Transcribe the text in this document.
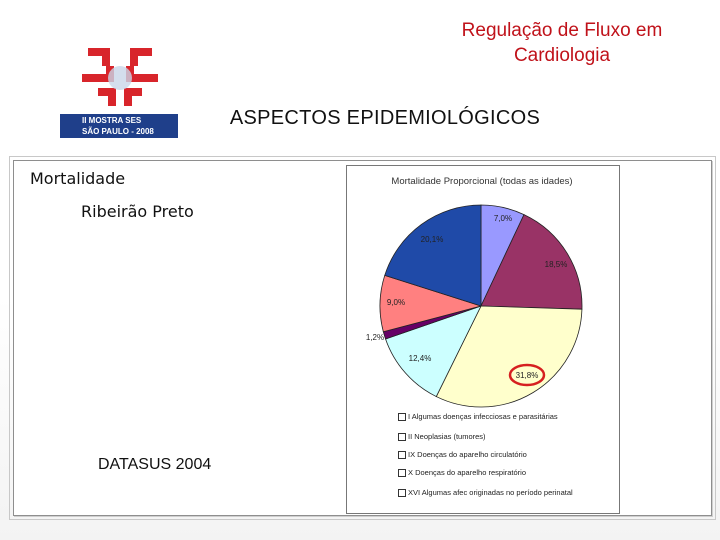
Regulação de Fluxo em
Cardiologia
II MOSTRA SES
SÃO PAULO - 2008
ASPECTOS EPIDEMIOLÓGICOS
Mortalidade
Ribeirão Preto
DATASUS 2004
Mortalidade Proporcional (todas as idades)
7,0%
18,5%
31,8%
12,4%
1,2%
9,0%
20,1%
I Algumas doenças infecciosas e parasitárias
II Neoplasias (tumores)
IX Doenças do aparelho circulatório
X Doenças do aparelho respiratório
XVI Algumas afec originadas no período perinatal
